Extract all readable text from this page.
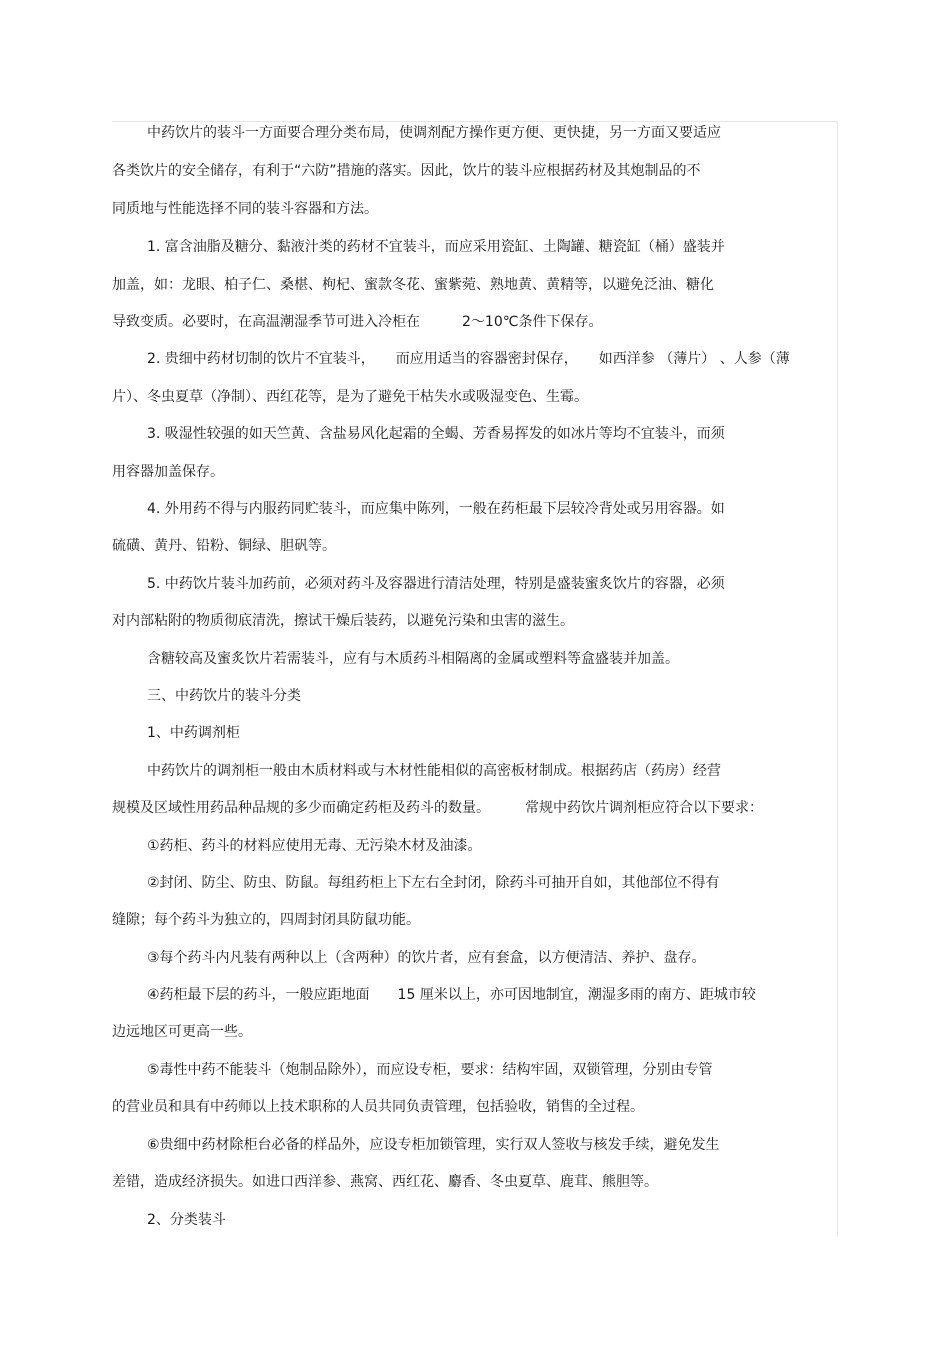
中药饮片的装斗一方面要合理分类布局，使调剂配方操作更方便、更快捷，另一方面又要适应
各类饮片的安全储存，有利于“六防”措施的落实。因此，饮片的装斗应根据药材及其炮制品的不
同质地与性能选择不同的装斗容器和方法。
1. 富含油脂及糖分、黏液汁类的药材不宜装斗，而应采用瓷缸、土陶罐、糖瓷缸（桶）盛装并
加盖，如：龙眼、柏子仁、桑椹、枸杞、蜜款冬花、蜜紫菀、熟地黄、黄精等，以避免泛油、糖化
导致变质。必要时，在高温潮湿季节可进入冷柜在　　　2～10℃条件下保存。
2. 贵细中药材切制的饮片不宜装斗，　　而应用适当的容器密封保存，　　如西洋参 （薄片） 、人参（薄
片）、冬虫夏草（净制）、西红花等，是为了避免干枯失水或吸湿变色、生霉。
3. 吸湿性较强的如天竺黄、含盐易风化起霜的全蝎、芳香易挥发的如冰片等均不宜装斗，而须
用容器加盖保存。
4. 外用药不得与内服药同贮装斗，而应集中陈列，一般在药柜最下层较冷背处或另用容器。如
硫磺、黄丹、铅粉、铜绿、胆矾等。
5. 中药饮片装斗加药前，必须对药斗及容器进行清洁处理，特别是盛装蜜炙饮片的容器，必须
对内部粘附的物质彻底清洗，擦试干燥后装药，以避免污染和虫害的滋生。
含糖较高及蜜炙饮片若需装斗，应有与木质药斗相隔离的金属或塑料等盒盛装并加盖。
三、中药饮片的装斗分类
1、中药调剂柜
中药饮片的调剂柜一般由木质材料或与木材性能相似的高密板材制成。根据药店（药房）经营
规模及区域性用药品种品规的多少而确定药柜及药斗的数量。　　　常规中药饮片调剂柜应符合以下要求：
①药柜、药斗的材料应使用无毒、无污染木材及油漆。
②封闭、防尘、防虫、防鼠。每组药柜上下左右全封闭，除药斗可抽开自如，其他部位不得有
缝隙；每个药斗为独立的，四周封闭具防鼠功能。
③每个药斗内凡装有两种以上（含两种）的饮片者，应有套盒，以方便清洁、养护、盘存。
④药柜最下层的药斗，一般应距地面　　15 厘米以上，亦可因地制宜，潮湿多雨的南方、距城市较
边远地区可更高一些。
⑤毒性中药不能装斗（炮制品除外），而应设专柜，要求：结构牢固，双锁管理，分别由专管
的营业员和具有中药师以上技术职称的人员共同负责管理，包括验收，销售的全过程。
⑥贵细中药材除柜台必备的样品外，应设专柜加锁管理，实行双人签收与核发手续，避免发生
差错，造成经济损失。如进口西洋参、燕窝、西红花、麝香、冬虫夏草、鹿茸、熊胆等。
2、分类装斗
